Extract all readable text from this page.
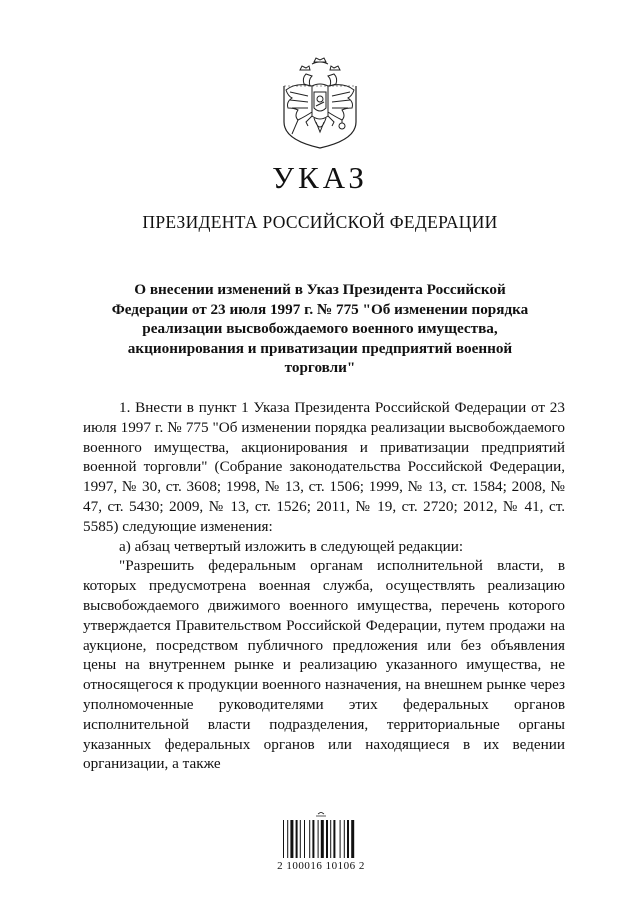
УКАЗ
ПРЕЗИДЕНТА РОССИЙСКОЙ ФЕДЕРАЦИИ

О внесении изменений в Указ Президента Российской Федерации от 23 июля 1997 г. № 775 "Об изменении порядка реализации высвобождаемого военного имущества, акционирования и приватизации предприятий военной торговли"

1. Внести в пункт 1 Указа Президента Российской Федерации от 23 июля 1997 г. № 775 "Об изменении порядка реализации высвобождаемого военного имущества, акционирования и приватизации предприятий военной торговли" (Собрание законодательства Российской Федерации, 1997, № 30, ст. 3608; 1998, № 13, ст. 1506; 1999, № 13, ст. 1584; 2008, № 47, ст. 5430; 2009, № 13, ст. 1526; 2011, № 19, ст. 2720; 2012, № 41, ст. 5585) следующие изменения:

а) абзац четвертый изложить в следующей редакции:

"Разрешить федеральным органам исполнительной власти, в которых предусмотрена военная служба, осуществлять реализацию высвобождаемого движимого военного имущества, перечень которого утверждается Правительством Российской Федерации, путем продажи на аукционе, посредством публичного предложения или без объявления цены на внутреннем рынке и реализацию указанного имущества, не относящегося к продукции военного назначения, на внешнем рынке через уполномоченные руководителями этих федеральных органов исполнительной власти подразделения, территориальные органы указанных федеральных органов или находящиеся в их ведении организации, а также

2 100016 10106 2
